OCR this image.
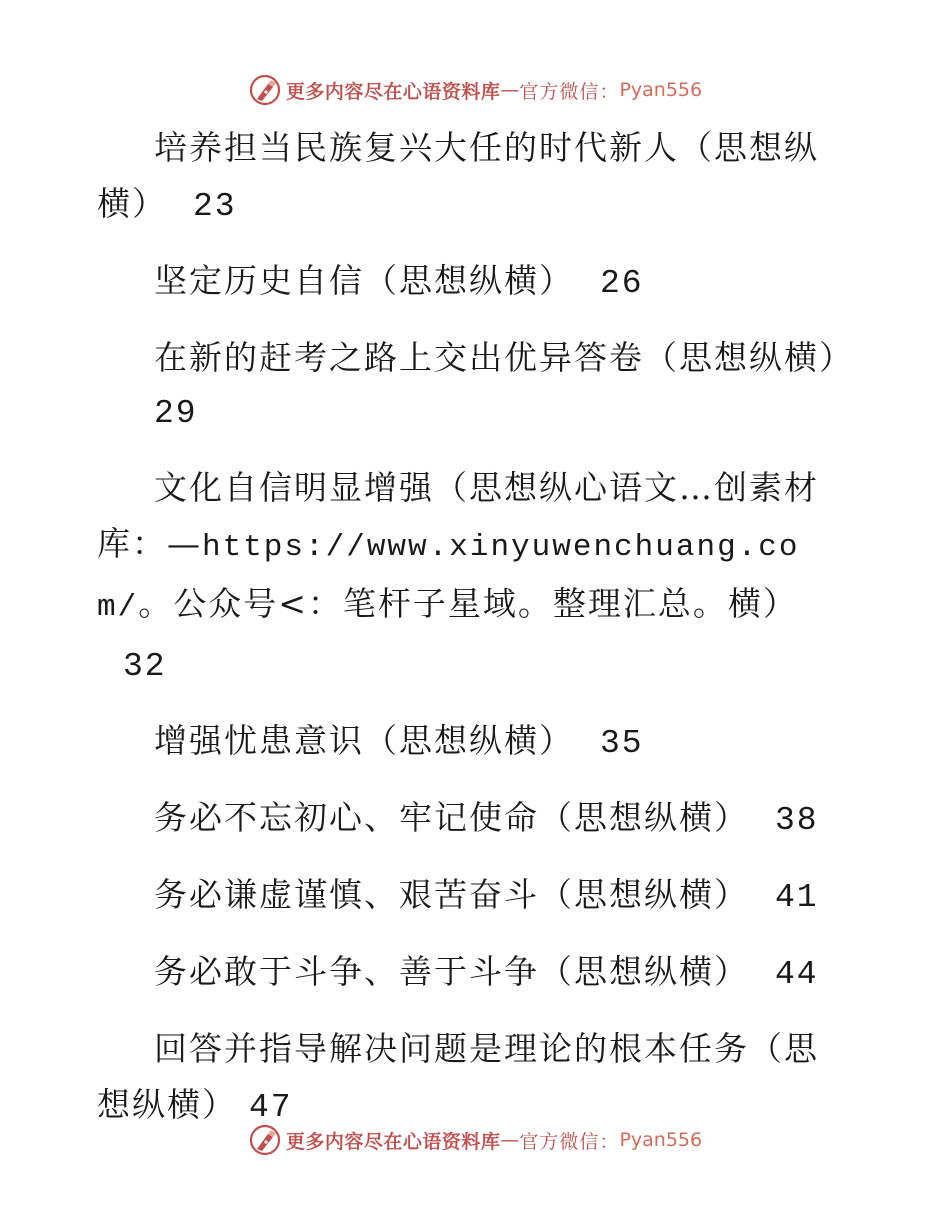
更多内容尽在心语资料库 — 官方微信： Pyan556

培养担当民族复兴大任的时代新人（思想纵横） 23

坚定历史自信（思想纵横） 26

在新的赶考之路上交出优异答卷（思想纵横）
29

文化自信明显增强（思想纵心语文…创素材库：—https://www.xinyuwenchuang.com/。公众号<：笔杆子星域。整理汇总。横）32

增强忧患意识（思想纵横） 35

务必不忘初心、牢记使命（思想纵横） 38

务必谦虚谨慎、艰苦奋斗（思想纵横） 41

务必敢于斗争、善于斗争（思想纵横） 44

回答并指导解决问题是理论的根本任务（思想纵横） 47

更多内容尽在心语资料库 — 官方微信： Pyan556
